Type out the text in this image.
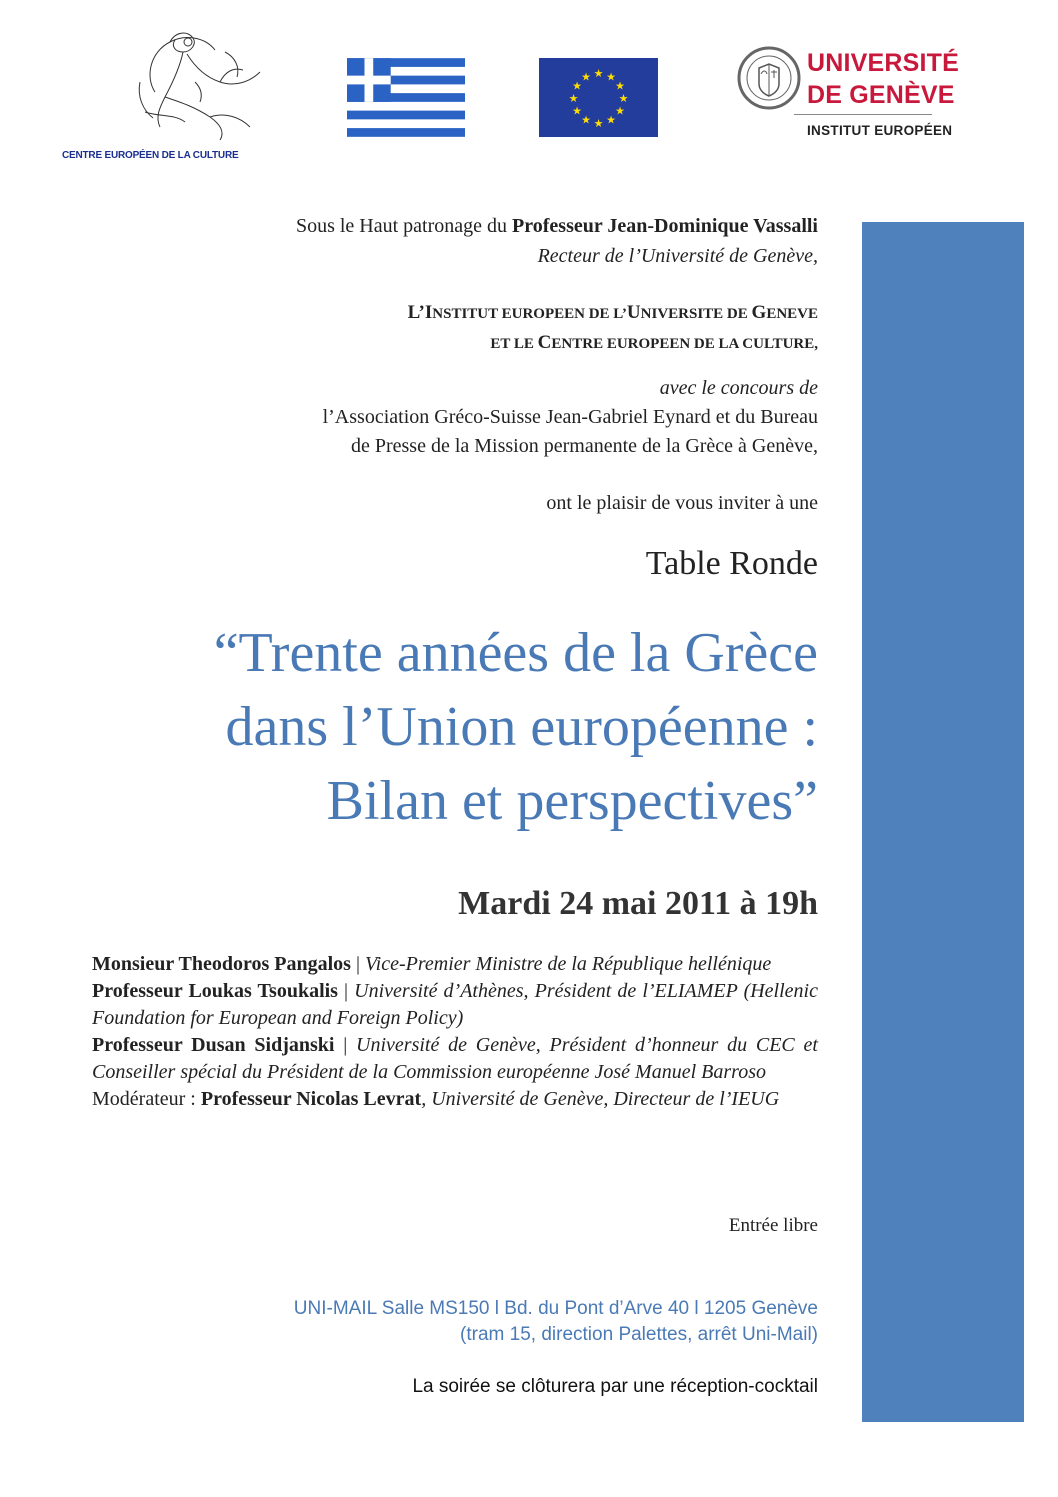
CENTRE EUROPÉEN DE LA CULTURE
★ ★
★
★
★
★
★
★
★
★
★
★	UNIVERSITÉ
DE GENÈVE
INSTITUT EUROPÉEN
Sous le Haut patronage du Professeur Jean-Dominique Vassalli
Recteur de l’Université de Genève,
L’INSTITUT EUROPEEN DE L’UNIVERSITE DE GENEVE
ET LE CENTRE EUROPEEN DE LA CULTURE,
avec le concours de
l’Association Gréco-Suisse Jean-Gabriel Eynard et du Bureau
de Presse de la Mission permanente de la Grèce à Genève,
ont le plaisir de vous inviter à une
Table Ronde
“Trente années de la Grèce
dans l’Union européenne :
Bilan et perspectives”
Mardi 24 mai 2011 à 19h

Monsieur Theodoros Pangalos | Vice-Premier Ministre de la République hellénique

Professeur Loukas Tsoukalis | Université d’Athènes, Président de l’ELIAMEP (Hellenic Foundation for European and Foreign Policy)

Professeur Dusan Sidjanski | Université de Genève, Président d’honneur du CEC et Conseiller spécial du Président de la Commission européenne José Manuel Barroso

Modérateur : Professeur Nicolas Levrat, Université de Genève, Directeur de l’IEUG

Entrée libre
UNI-MAIL Salle MS150 l Bd. du Pont d’Arve 40 l 1205 Genève
(tram 15, direction Palettes, arrêt Uni-Mail)
La soirée se clôturera par une réception-cocktail
